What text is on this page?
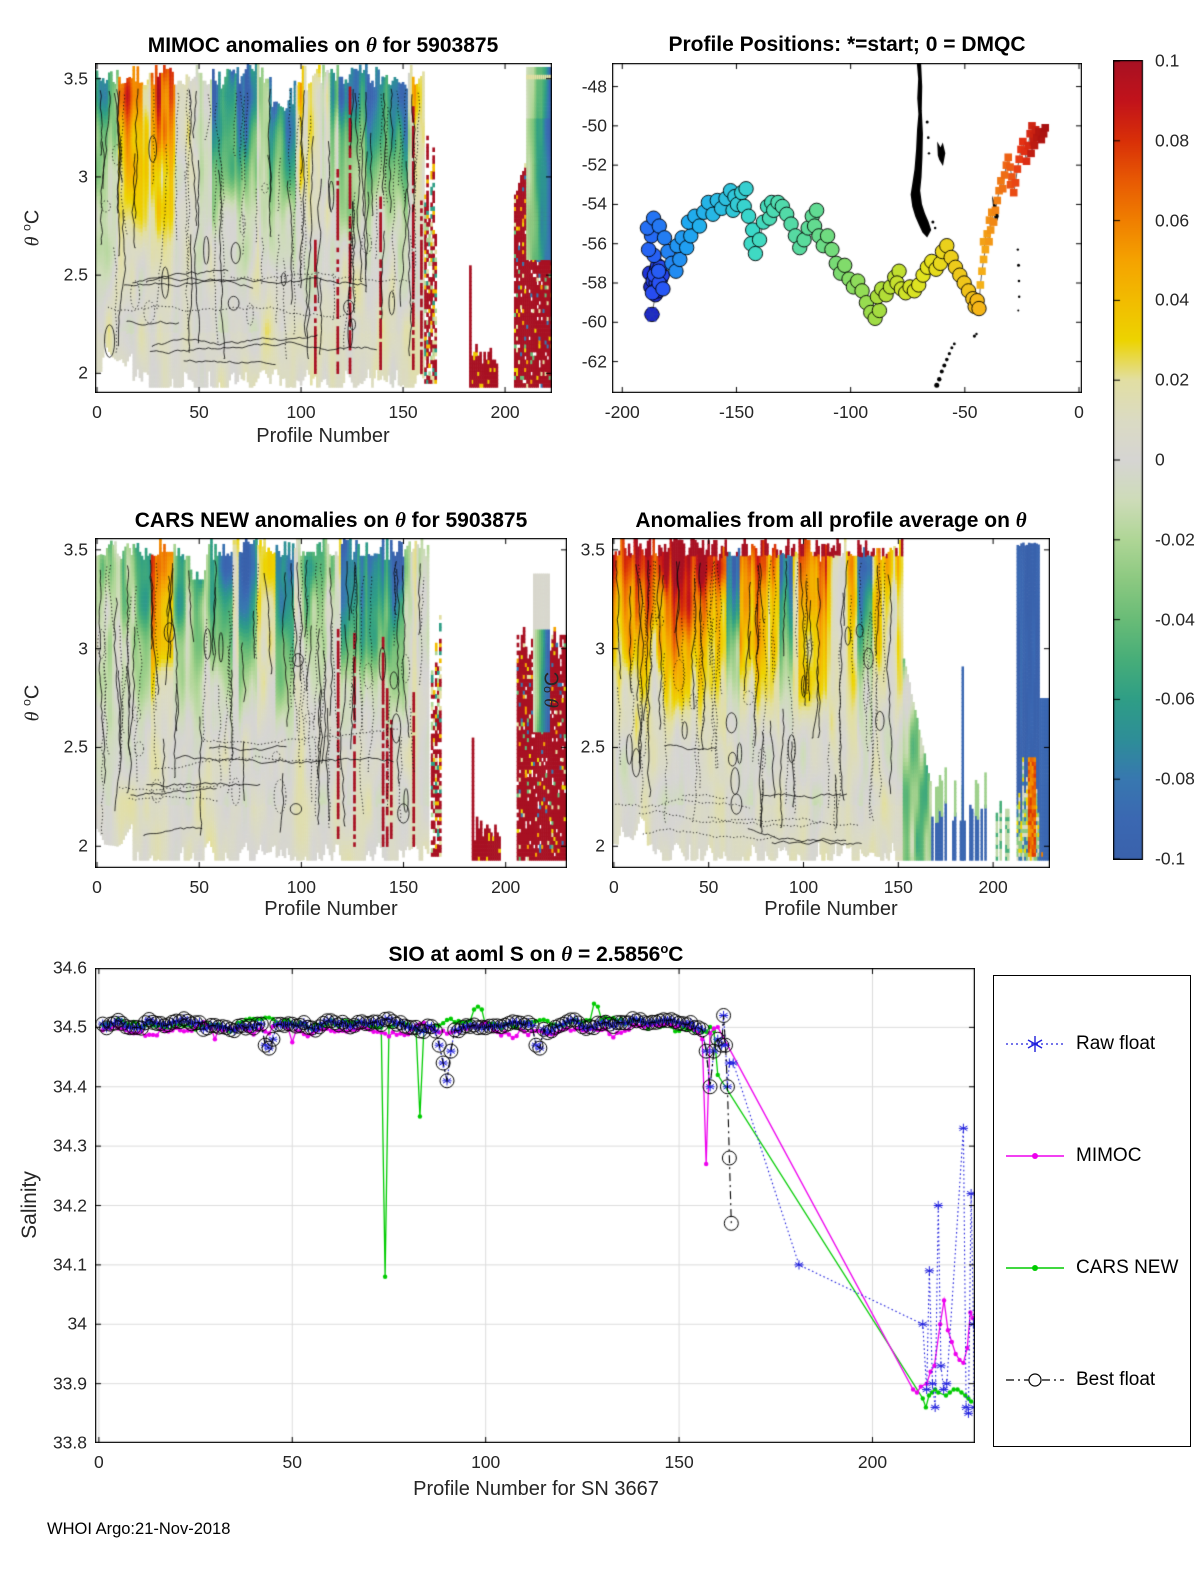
MIMOC anomalies on θ for 5903875	Profile Positions: *=start; 0 = DMQC
CARS NEW anomalies on θ for 5903875	Anomalies from all profile average on θ
SIO at aoml S on $\theta = 2.5856^oC$
Profile Number
Profile Number	Profile Number
Profile Number for SN 3667
θ $^o$C
θ $^o$C
θ $^o$C
Salinity
Raw float
MIMOC
CARS NEW
Best float
WHOI Argo:21-Nov-2018
0	50	100	150	200
2
2.5
3
3.5
-200	-150	-100	-50	0
-48
-50
-52
-54
-56
-58
-60
-62
0	50	100	150	200
2
2.5
3
3.5
0	50	100	150	200
2
2.5
3
3.5
0.1
0.08
0.06
0.04
0.02
0
-0.02
-0.04
-0.06
-0.08
-0.1
0	50	100	150	200
34.6
34.5
34.4
34.3
34.2
34.1
34
33.9
33.8
